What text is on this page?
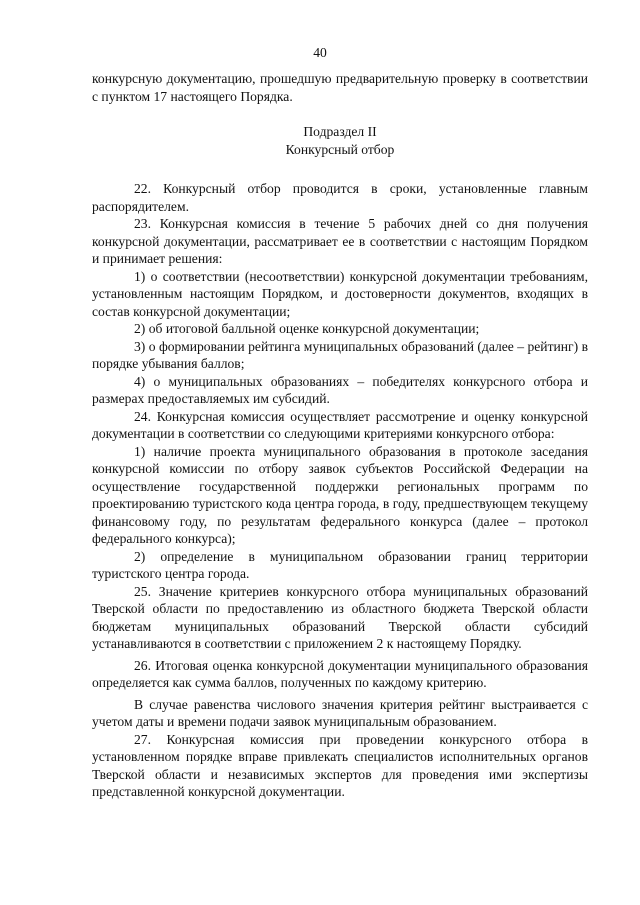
40

конкурсную документацию, прошедшую предварительную проверку в соответствии с пунктом 17 настоящего Порядка.

Подраздел II

Конкурсный отбор

22. Конкурсный отбор проводится в сроки, установленные главным распорядителем.

23. Конкурсная комиссия в течение 5 рабочих дней со дня получения конкурсной документации, рассматривает ее в соответствии с настоящим Порядком и принимает решения:

1) о соответствии (несоответствии) конкурсной документации требованиям, установленным настоящим Порядком, и достоверности документов, входящих в состав конкурсной документации;

2) об итоговой балльной оценке конкурсной документации;

3) о формировании рейтинга муниципальных образований (далее – рейтинг) в порядке убывания баллов;

4) о муниципальных образованиях – победителях конкурсного отбора и размерах предоставляемых им субсидий.

24. Конкурсная комиссия осуществляет рассмотрение и оценку конкурсной документации в соответствии со следующими критериями конкурсного отбора:

1) наличие проекта муниципального образования в протоколе заседания конкурсной комиссии по отбору заявок субъектов Российской Федерации на осуществление государственной поддержки региональных программ по проектированию туристского кода центра города, в году, предшествующем текущему финансовому году, по результатам федерального конкурса (далее – протокол федерального конкурса);

2) определение в муниципальном образовании границ территории туристского центра города.

25. Значение критериев конкурсного отбора муниципальных образований Тверской области по предоставлению из областного бюджета Тверской области бюджетам муниципальных образований Тверской области субсидий устанавливаются в соответствии с приложением 2 к настоящему Порядку.

26. Итоговая оценка конкурсной документации муниципального образования определяется как сумма баллов, полученных по каждому критерию.

В случае равенства числового значения критерия рейтинг выстраивается с учетом даты и времени подачи заявок муниципальным образованием.

27. Конкурсная комиссия при проведении конкурсного отбора в установленном порядке вправе привлекать специалистов исполнительных органов Тверской области и независимых экспертов для проведения ими экспертизы представленной конкурсной документации.
